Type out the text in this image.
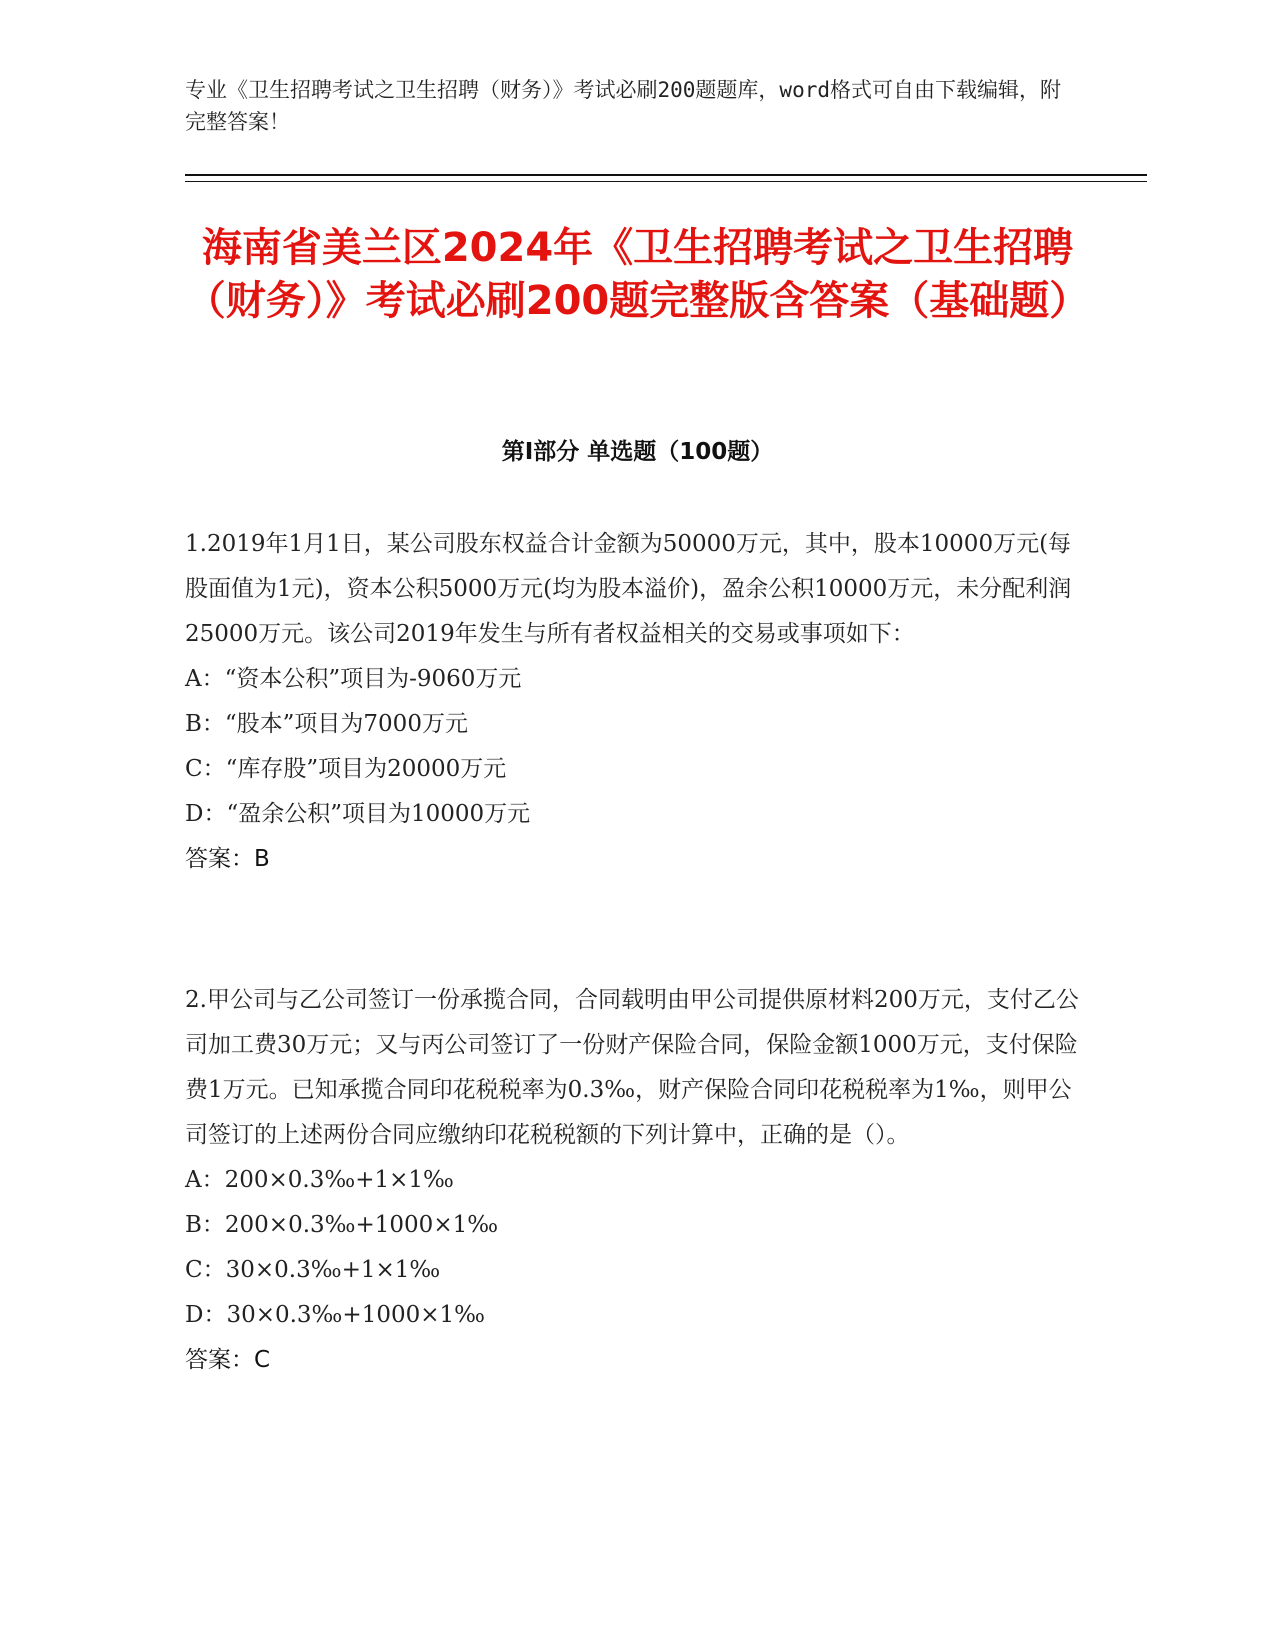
专业《卫生招聘考试之卫生招聘（财务）》考试必刷200题题库，word格式可自由下载编辑，附完整答案！
海南省美兰区2024年《卫生招聘考试之卫生招聘（财务）》考试必刷200题完整版含答案（基础题）
第Ⅰ部分 单选题（100题）

1.2019年1月1日，某公司股东权益合计金额为50000万元，其中，股本10000万元(每股面值为1元)，资本公积5000万元(均为股本溢价)，盈余公积10000万元，未分配利润25000万元。该公司2019年发生与所有者权益相关的交易或事项如下：

A：“资本公积”项目为-9060万元

B：“股本”项目为7000万元

C：“库存股”项目为20000万元

D：“盈余公积”项目为10000万元

答案：B

2.甲公司与乙公司签订一份承揽合同，合同载明由甲公司提供原材料200万元，支付乙公司加工费30万元；又与丙公司签订了一份财产保险合同，保险金额1000万元，支付保险费1万元。已知承揽合同印花税税率为0.3‰，财产保险合同印花税税率为1‰，则甲公司签订的上述两份合同应缴纳印花税税额的下列计算中，正确的是（）。

A：200×0.3‰+1×1‰

B：200×0.3‰+1000×1‰

C：30×0.3‰+1×1‰

D：30×0.3‰+1000×1‰

答案：C
